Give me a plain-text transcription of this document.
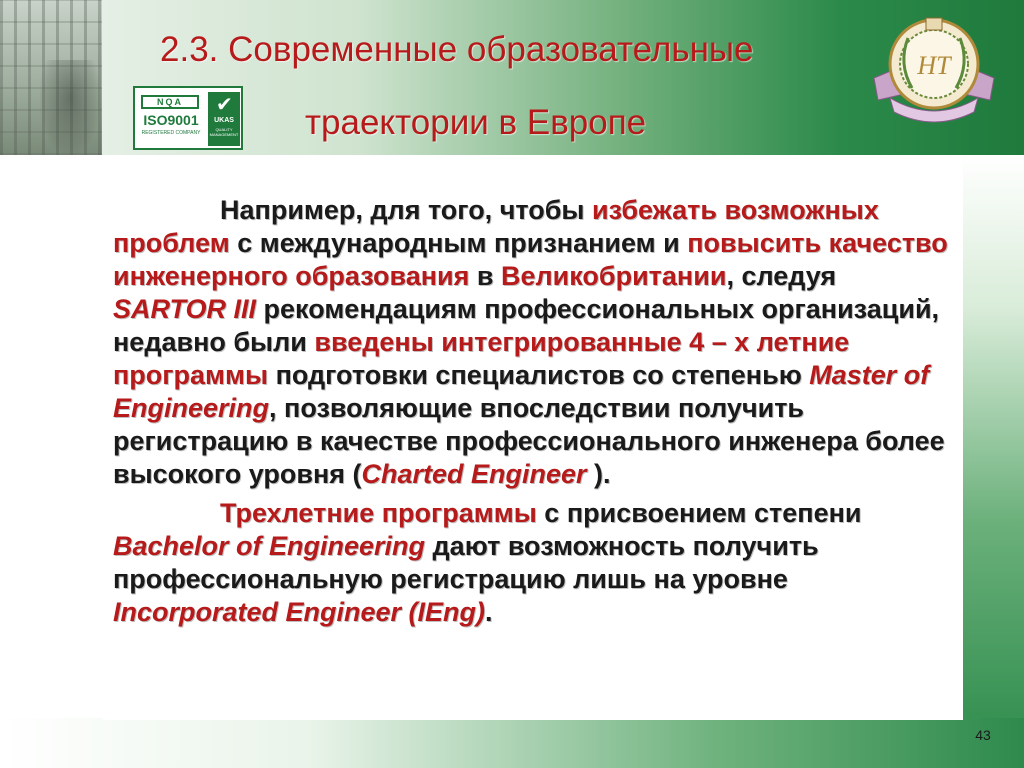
2.3. Современные образовательные
траектории в Европе
NQA
ISO9001
REGISTERED COMPANY
✔
UKAS
QUALITY MANAGEMENT
HT

Например, для того, чтобы избежать возможных проблем с международным признанием и повысить качество инженерного образования в Великобритании, следуя SARTOR III рекомендациям профессиональных организаций, недавно были введены интегрированные 4 – х летние программы подготовки специалистов со степенью Master of Engineering, позволяющие впоследствии получить регистрацию в качестве профессионального инженера более высокого уровня (Charted Engineer ).

Трехлетние программы с присвоением степени Bachelor of Engineering дают возможность получить профессиональную регистрацию лишь на уровне Incorporated Engineer (IEng).

43
